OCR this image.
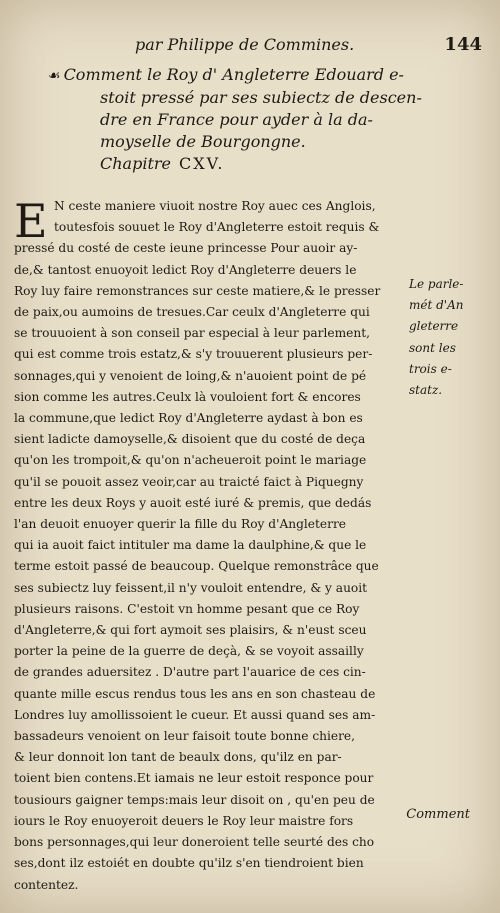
par Philippe de Commines.	144
☙ Comment le Roy d' Angleterre Edouard e-
stoit pressé par ses subiectz de descen-
dre en France pour ayder à la da-
moyselle de Bourgongne.
Chapitre CXV.
E N ceste maniere viuoit nostre Roy auec ces Anglois,
toutesfois souuet le Roy d'Angleterre estoit requis &
pressé du costé de ceste ieune princesse Pour auoir ay-
de,& tantost enuoyoit ledict Roy d'Angleterre deuers le
Roy luy faire remonstrances sur ceste matiere,& le presser
de paix,ou aumoins de tresues.Car ceulx d'Angleterre qui
se trouuoient à son conseil par especial à leur parlement,
qui est comme trois estatz,& s'y trouuerent plusieurs per-
sonnages,qui y venoient de loing,& n'auoient point de pé
sion comme les autres.Ceulx là vouloient fort & encores
la commune,que ledict Roy d'Angleterre aydast à bon es
sient ladicte damoyselle,& disoient que du costé de deça
qu'on les trompoit,& qu'on n'acheueroit point le mariage
qu'il se pouoit assez veoir,car au traicté faict à Piquegny
entre les deux Roys y auoit esté iuré & premis, que dedás
l'an deuoit enuoyer querir la fille du Roy d'Angleterre
qui ia auoit faict intituler ma dame la daulphine,& que le
terme estoit passé de beaucoup. Quelque remonstrâce que
ses subiectz luy feissent,il n'y vouloit entendre, & y auoit
plusieurs raisons. C'estoit vn homme pesant que ce Roy
d'Angleterre,& qui fort aymoit ses plaisirs, & n'eust sceu
porter la peine de la guerre de deçà, & se voyoit assailly
de grandes aduersitez . D'autre part l'auarice de ces cin-
quante mille escus rendus tous les ans en son chasteau de
Londres luy amollissoient le cueur. Et aussi quand ses am-
bassadeurs venoient on leur faisoit toute bonne chiere,
& leur donnoit lon tant de beaulx dons, qu'ilz en par-
toient bien contens.Et iamais ne leur estoit responce pour
tousiours gaigner temps:mais leur disoit on , qu'en peu de
iours le Roy enuoyeroit deuers le Roy leur maistre fors
bons personnages,qui leur doneroient telle seurté des cho
ses,dont ilz estoiét en doubte qu'ilz s'en tiendroient bien
contentez.
Le parle-
mét d'An
gleterre
sont les
trois e-
statz.
Comment
